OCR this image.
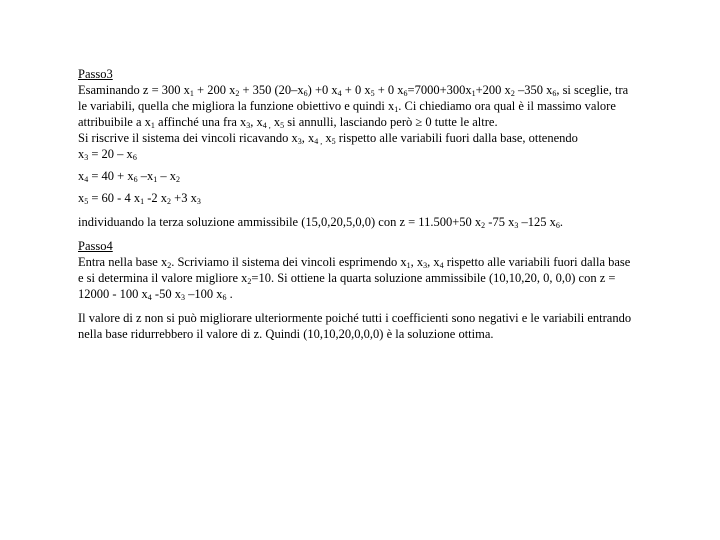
Passo3
Esaminando z = 300 $x_1 + 200$ $x_2 + 350$ $(20-x_6) +0$ $x_4 + 0$ $x_5 + 0$ $x_6=7000+300x_1+200$ $x_2$ –350 $x_6$, si sceglie, tra le variabili, quella che migliora la funzione obiettivo e quindi $x_1$. Ci chiediamo ora qual è il massimo valore attribuibile a $x_1$ affinché una fra $x_3$, $x_{4 ,}$ $x_5$ si annulli, lasciando però ≥ 0 tutte le altre.
Si riscrive il sistema dei vincoli ricavando $x_3$, $x_{4 ,}$ $x_5$ rispetto alle variabili fuori dalla base, ottenendo
$x_3 = 20 - x_6$
$x_4 = 40 + x_6$ $-x_1 - x_2$
$x_5 = 60 - 4$ $x_1$ -2 $x_2 +3$ $x_3$
individuando la terza soluzione ammissibile (15,0,20,5,0,0) con z = 11.500+50 $x_2$ -75 $x_3$ –125 $x_6$.
Passo4
Entra nella base $x_2$. Scriviamo il sistema dei vincoli esprimendo $x_1$, $x_3$, $x_4$ rispetto alle variabili fuori dalla base e si determina il valore migliore $x_2=10$. Si ottiene la quarta soluzione ammissibile (10,10,20, 0, 0,0) con z = 12000 - 100 $x_4$ -50 $x_3$ –100 $x_6$ .
Il valore di z non si può migliorare ulteriormente poiché tutti i coefficienti sono negativi e le variabili entrando nella base ridurrebbero il valore di z. Quindi (10,10,20,0,0,0) è la soluzione ottima.
